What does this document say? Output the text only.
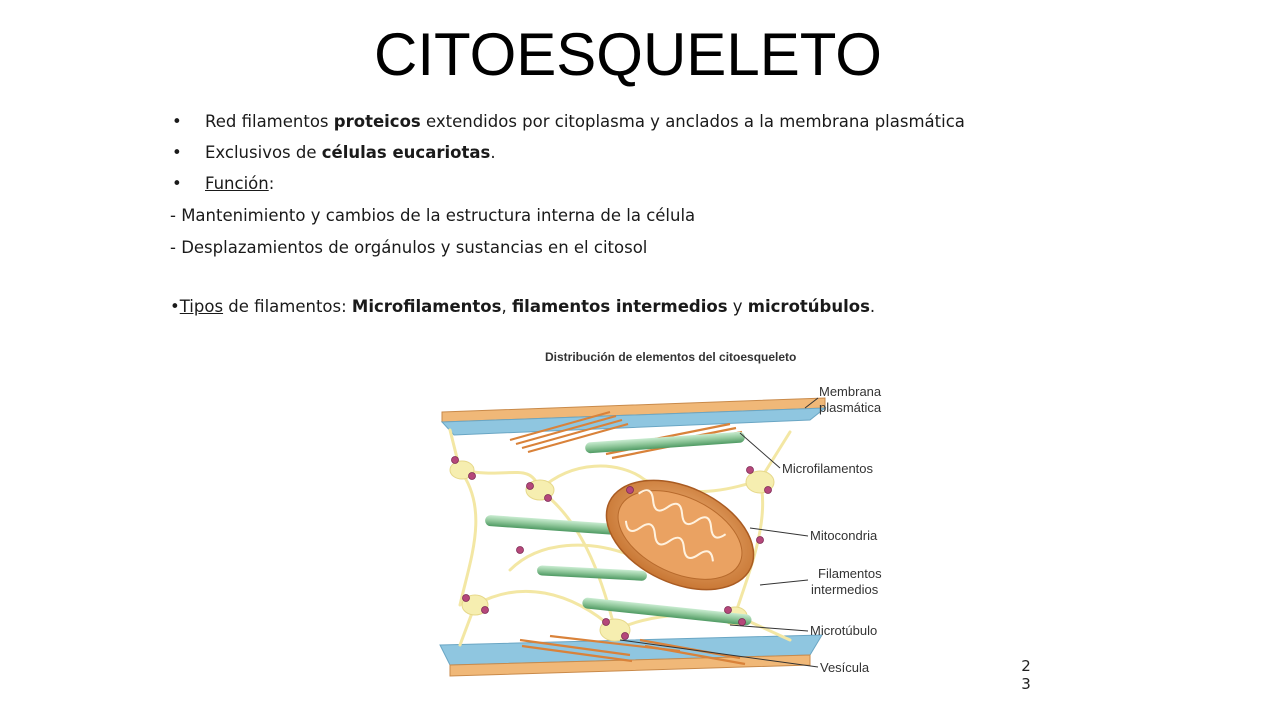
CITOESQUELETO
• Red filamentos proteicos extendidos por citoplasma y anclados a la membrana plasmática
• Exclusivos de células eucariotas.
• Función:
- Mantenimiento y cambios de la estructura interna de la célula
- Desplazamientos de orgánulos y sustancias en el citosol
•Tipos de filamentos: Microfilamentos, filamentos intermedios y microtúbulos.
Distribución de elementos del citoesqueleto
Membrana
plasmática
Microfilamentos
Mitocondria
Filamentos
intermedios
Microtúbulo
Vesícula	2
3
